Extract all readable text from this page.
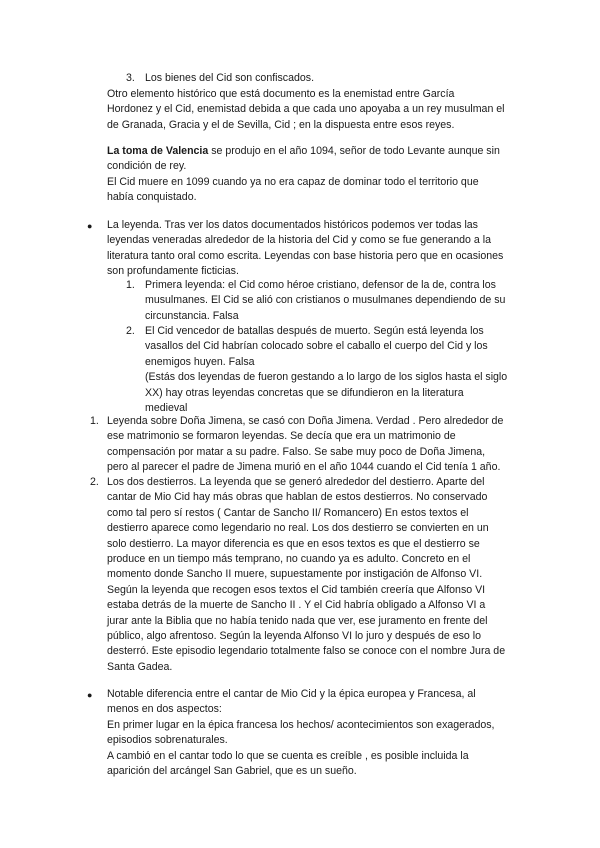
3. Los bienes del Cid son confiscados.

Otro elemento histórico que está documento es la enemistad entre García
Hordonez y el Cid, enemistad debida a que cada uno apoyaba a un rey musulman el
de Granada, Gracia y el de Sevilla, Cid ; en la dispuesta entre esos reyes.

La toma de Valencia se produjo en el año 1094, señor de todo Levante aunque sin
condición de rey.
El Cid muere en 1099 cuando ya no era capaz de dominar todo el territorio que
había conquistado.

● La leyenda. Tras ver los datos documentados históricos podemos ver todas las
leyendas veneradas alrededor de la historia del Cid y como se fue generando a la
literatura tanto oral como escrita. Leyendas con base historia pero que en ocasiones
son profundamente ficticias.

1. Primera leyenda: el Cid como héroe cristiano, defensor de la de, contra los
musulmanes. El Cid se alió con cristianos o musulmanes dependiendo de su
circunstancia. Falsa

2. El Cid vencedor de batallas después de muerto. Según está leyenda los
vasallos del Cid habrían colocado sobre el caballo el cuerpo del Cid y los
enemigos huyen. Falsa
(Estás dos leyendas de fueron gestando a lo largo de los siglos hasta el siglo
XX) hay otras leyendas concretas que se difundieron en la literatura
medieval

1. Leyenda sobre Doña Jimena, se casó con Doña Jimena. Verdad . Pero alrededor de
ese matrimonio se formaron leyendas. Se decía que era un matrimonio de
compensación por matar a su padre. Falso. Se sabe muy poco de Doña Jimena,
pero al parecer el padre de Jimena murió en el año 1044 cuando el Cid tenía 1 año.

2. Los dos destierros. La leyenda que se generó alrededor del destierro. Aparte del
cantar de Mio Cid hay más obras que hablan de estos destierros. No conservado
como tal pero sí restos ( Cantar de Sancho II/ Romancero) En estos textos el
destierro aparece como legendario no real. Los dos destierro se convierten en un
solo destierro. La mayor diferencia es que en esos textos es que el destierro se
produce en un tiempo más temprano, no cuando ya es adulto. Concreto en el
momento donde Sancho II muere, supuestamente por instigación de Alfonso VI.
Según la leyenda que recogen esos textos el Cid también creería que Alfonso VI
estaba detrás de la muerte de Sancho II . Y el Cid habría obligado a Alfonso VI a
jurar ante la Biblia que no había tenido nada que ver, ese juramento en frente del
público, algo afrentoso. Según la leyenda Alfonso VI lo juro y después de eso lo
desterró. Este episodio legendario totalmente falso se conoce con el nombre Jura de
Santa Gadea.

● Notable diferencia entre el cantar de Mio Cid y la épica europea y Francesa, al
menos en dos aspectos:
En primer lugar en la épica francesa los hechos/ acontecimientos son exagerados,
episodios sobrenaturales.
A cambió en el cantar todo lo que se cuenta es creíble , es posible incluida la
aparición del arcángel San Gabriel, que es un sueño.
